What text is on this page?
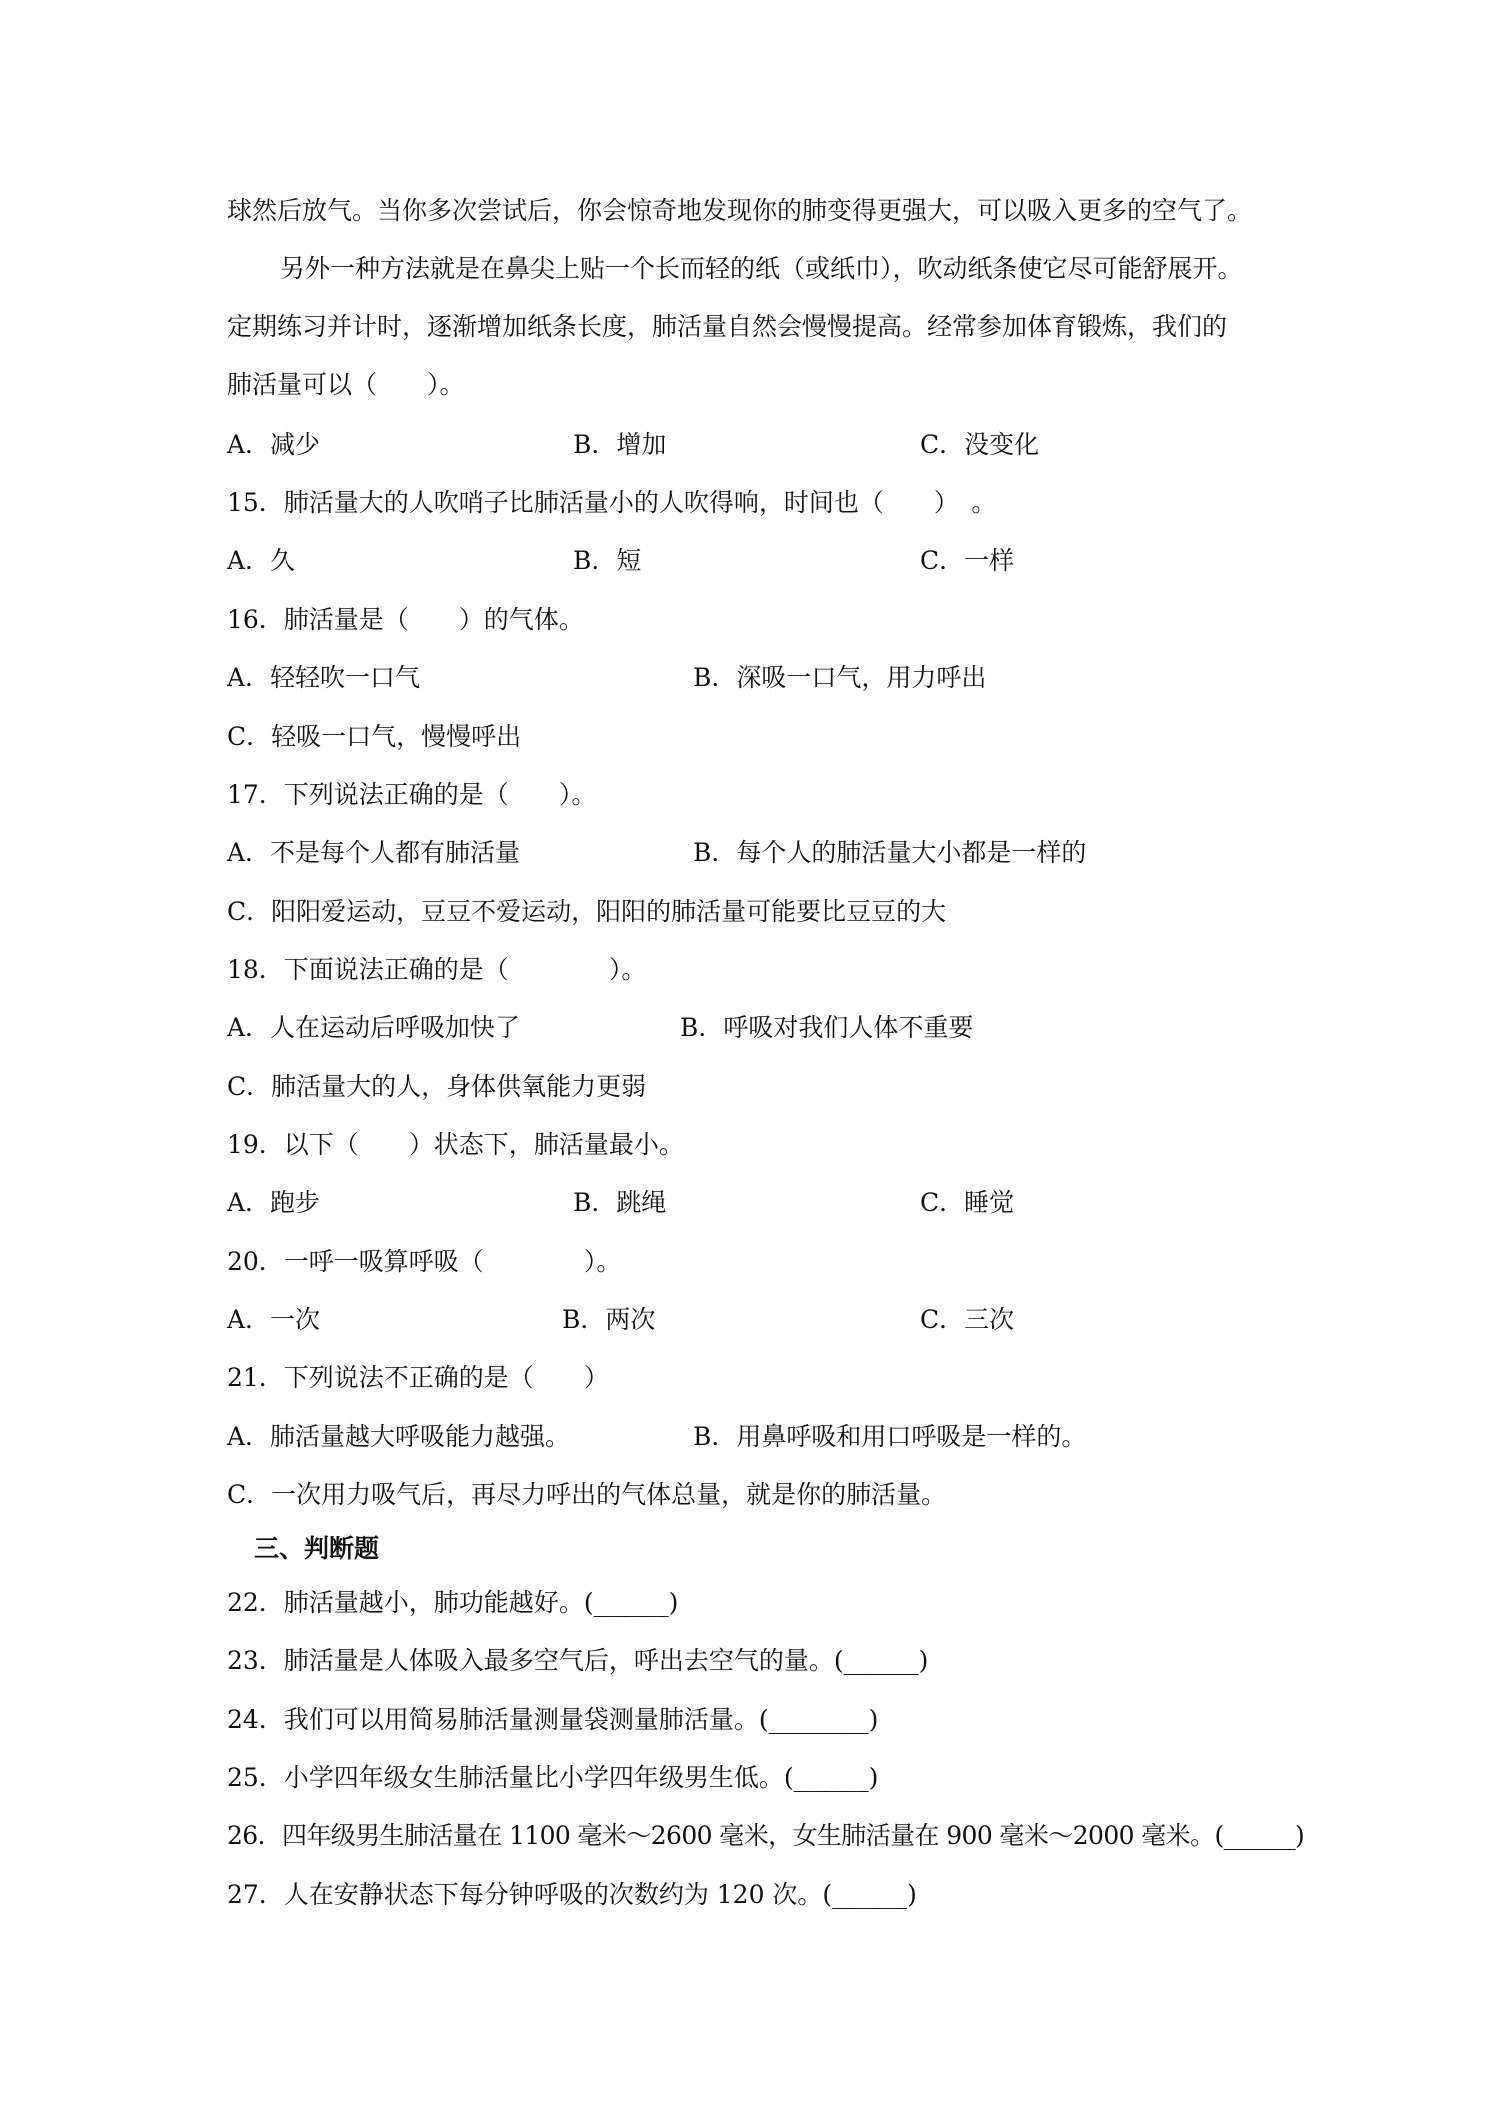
球然后放气。当你多次尝试后，你会惊奇地发现你的肺变得更强大，可以吸入更多的空气了。
另外一种方法就是在鼻尖上贴一个长而轻的纸（或纸巾），吹动纸条使它尽可能舒展开。
定期练习并计时，逐渐增加纸条长度，肺活量自然会慢慢提高。经常参加体育锻炼，我们的
肺活量可以（　　）。
A．减少	B．增加	C．没变化
15．肺活量大的人吹哨子比肺活量小的人吹得响，时间也（　　）　。
A．久	B．短	C．一样
16．肺活量是（　　）的气体。
A．轻轻吹一口气	B．深吸一口气，用力呼出
C．轻吸一口气，慢慢呼出
17．下列说法正确的是（　　）。
A．不是每个人都有肺活量	B．每个人的肺活量大小都是一样的
C．阳阳爱运动，豆豆不爱运动，阳阳的肺活量可能要比豆豆的大
18．下面说法正确的是（　　　　）。
A．人在运动后呼吸加快了	B．呼吸对我们人体不重要
C．肺活量大的人，身体供氧能力更弱
19．以下（　　）状态下，肺活量最小。
A．跑步	B．跳绳	C．睡觉
20．一呼一吸算呼吸（　　　　）。
A．一次	B．两次	C．三次
21．下列说法不正确的是（　　）
A．肺活量越大呼吸能力越强。	B．用鼻呼吸和用口呼吸是一样的。
C．一次用力吸气后，再尽力呼出的气体总量，就是你的肺活量。
三、判断题
22．肺活量越小，肺功能越好。(______)
23．肺活量是人体吸入最多空气后，呼出去空气的量。(______)
24．我们可以用简易肺活量测量袋测量肺活量。(________)
25．小学四年级女生肺活量比小学四年级男生低。(______)
26．四年级男生肺活量在 1100 毫米～2600 毫米，女生肺活量在 900 毫米～2000 毫米。(______)
27．人在安静状态下每分钟呼吸的次数约为 120 次。(______)
